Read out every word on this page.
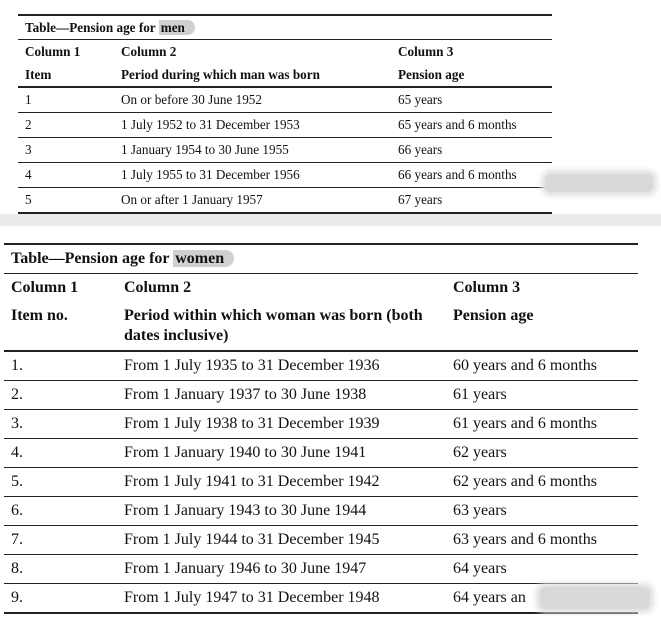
Table—Pension age for men		
Column 1	Column 2	Column 3
Item	Period during which man was born	Pension age
1	On or before 30 June 1952	65 years
2	1 July 1952 to 31 December 1953	65 years and 6 months
3	1 January 1954 to 30 June 1955	66 years
4	1 July 1955 to 31 December 1956	66 years and 6 months
5	On or after 1 January 1957	67 years
Table—Pension age for women		
Column 1	Column 2	Column 3
Item no.	Period within which woman was born (both dates inclusive)	Pension age
1.	From 1 July 1935 to 31 December 1936	60 years and 6 months
2.	From 1 January 1937 to 30 June 1938	61 years
3.	From 1 July 1938 to 31 December 1939	61 years and 6 months
4.	From 1 January 1940 to 30 June 1941	62 years
5.	From 1 July 1941 to 31 December 1942	62 years and 6 months
6.	From 1 January 1943 to 30 June 1944	63 years
7.	From 1 July 1944 to 31 December 1945	63 years and 6 months
8.	From 1 January 1946 to 30 June 1947	64 years
9.	From 1 July 1947 to 31 December 1948	64 years an
